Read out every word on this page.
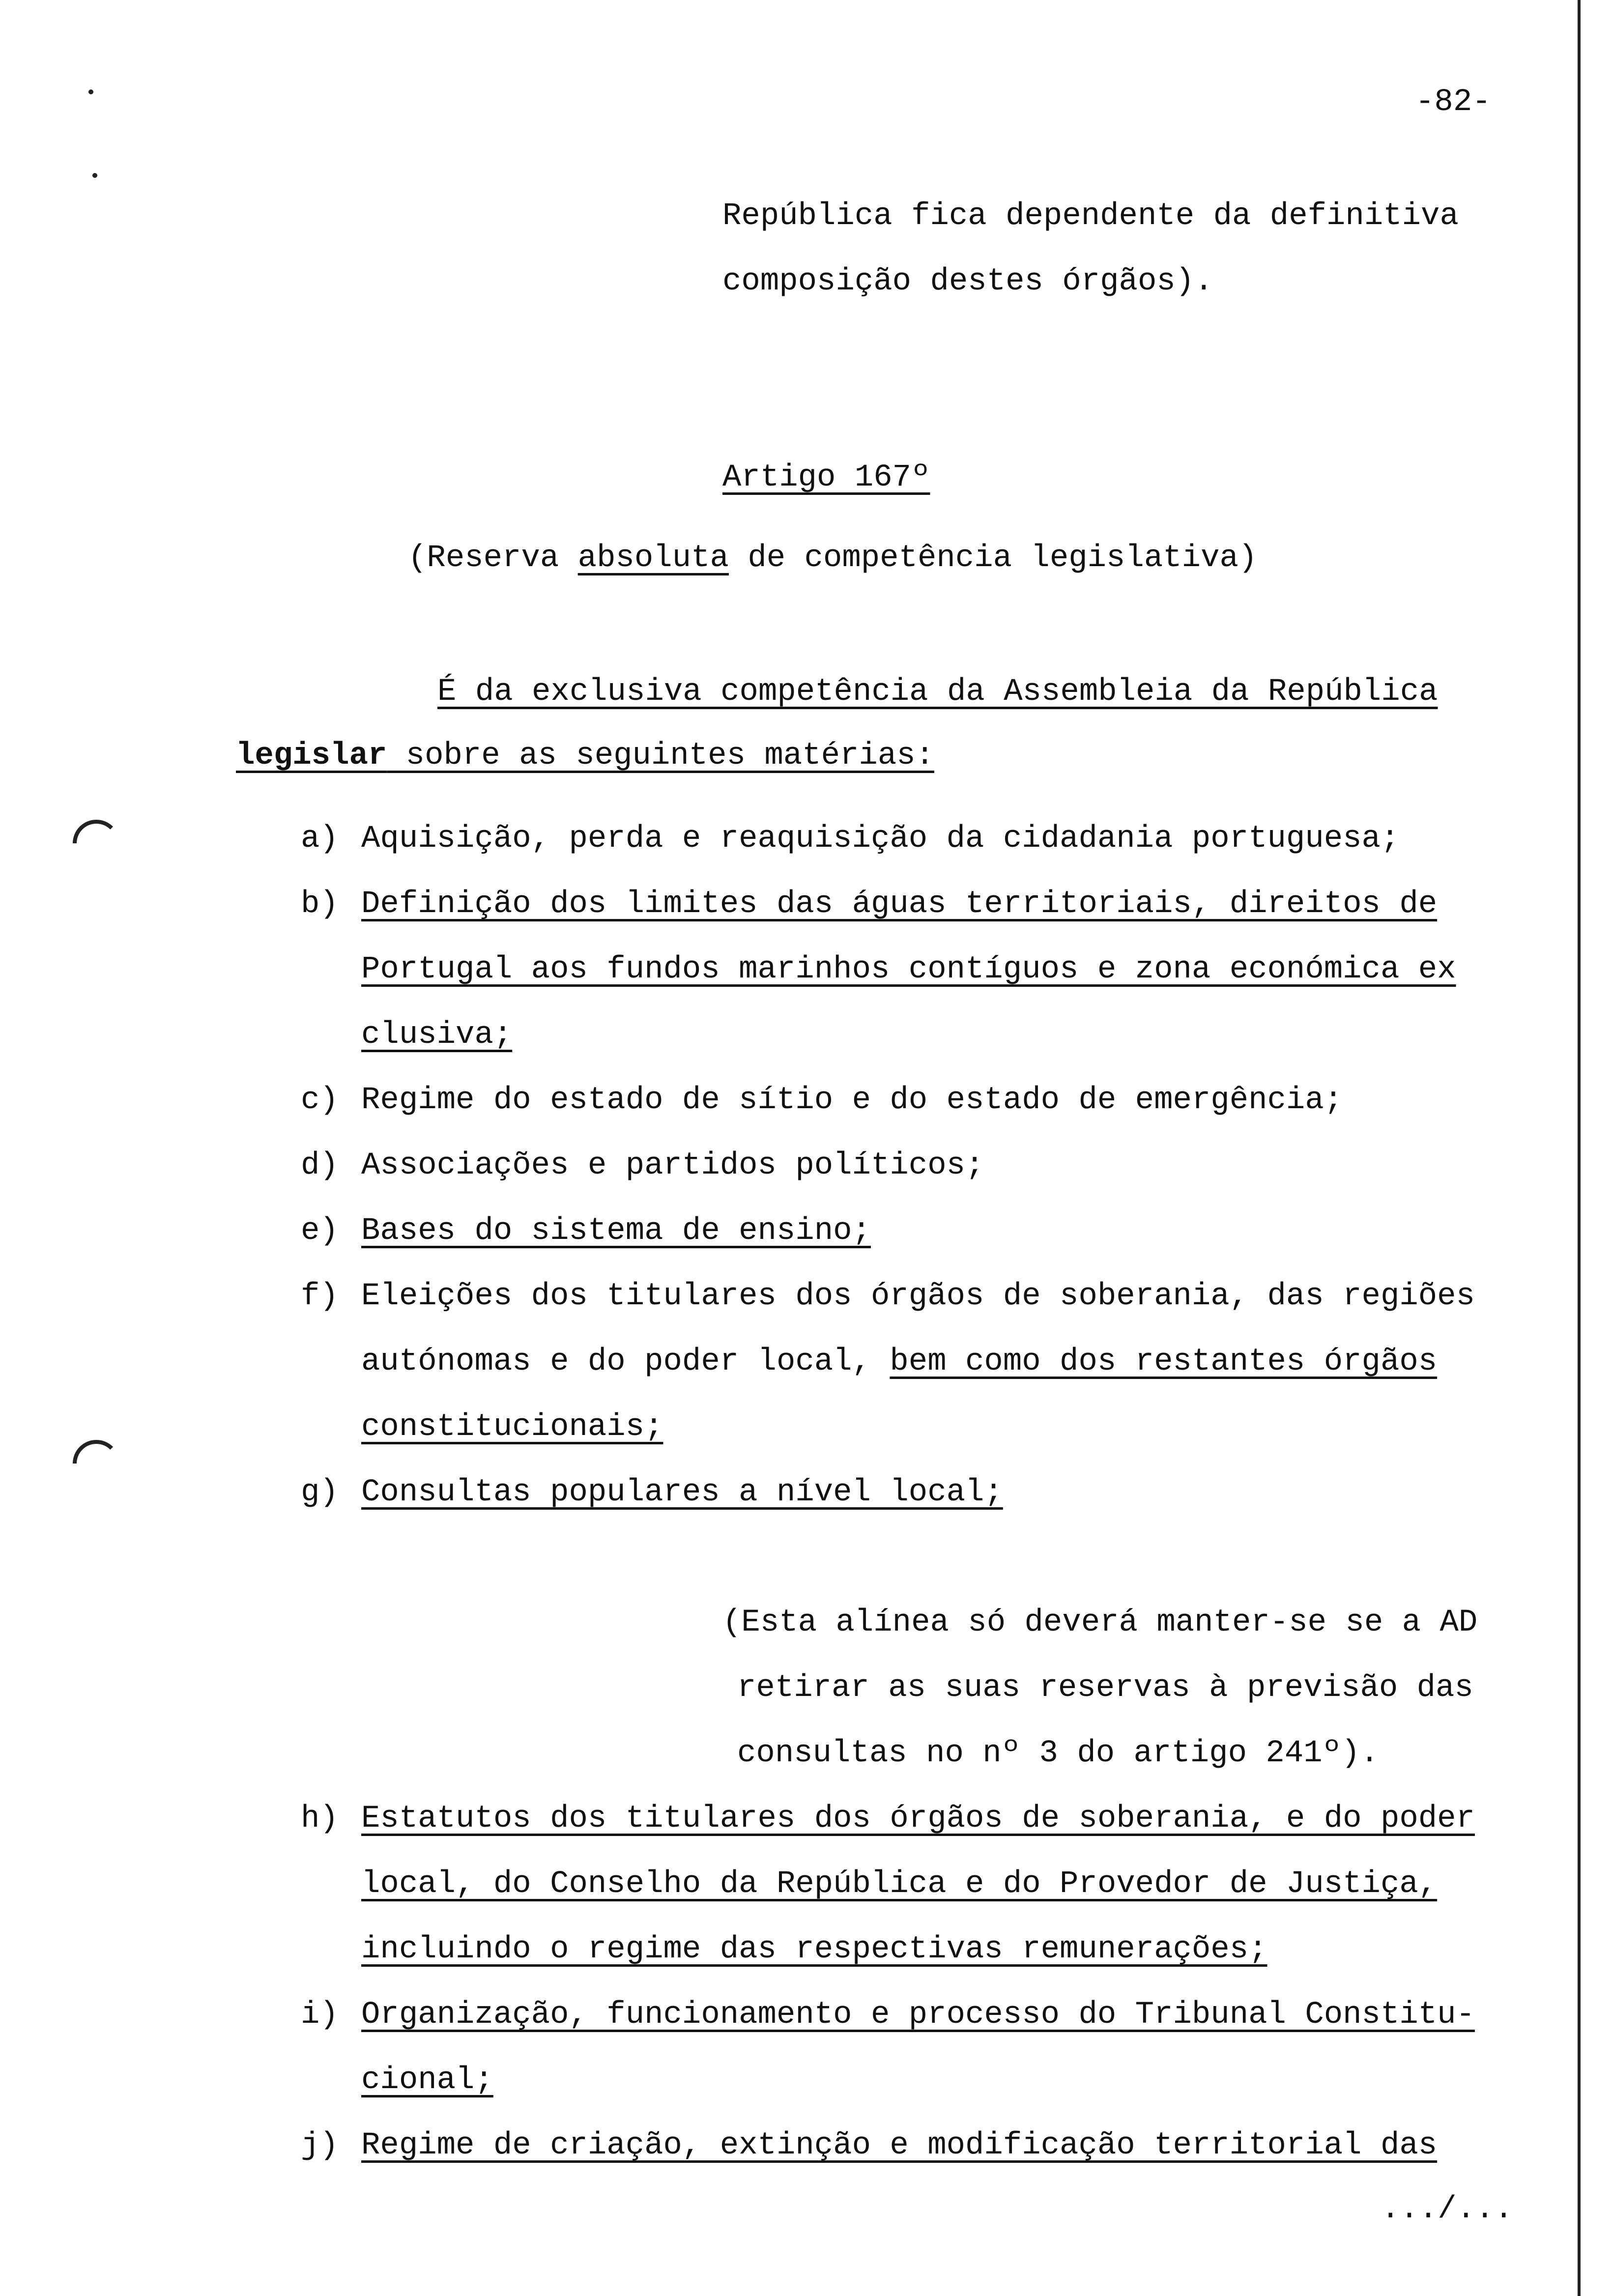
-82-
República fica dependente da definitiva
composição destes órgãos).
Artigo 167º
(Reserva absoluta de competência legislativa)
É da exclusiva competência da Assembleia da República
legislar sobre as seguintes matérias:
a) Aquisição, perda e reaquisição da cidadania portuguesa;
b) Definição dos limites das águas territoriais, direitos de
Portugal aos fundos marinhos contíguos e zona económica ex
clusiva;
c) Regime do estado de sítio e do estado de emergência;
d) Associações e partidos políticos;
e) Bases do sistema de ensino;
f) Eleições dos titulares dos órgãos de soberania, das regiões
autónomas e do poder local, bem como dos restantes órgãos
constitucionais;
g) Consultas populares a nível local;
(Esta alínea só deverá manter-se se a AD
retirar as suas reservas à previsão das
consultas no nº 3 do artigo 241º).
h) Estatutos dos titulares dos órgãos de soberania, e do poder
local, do Conselho da República e do Provedor de Justiça,
incluindo o regime das respectivas remunerações;
i) Organização, funcionamento e processo do Tribunal Constitu-
cional;
j) Regime de criação, extinção e modificação territorial das
.../...
